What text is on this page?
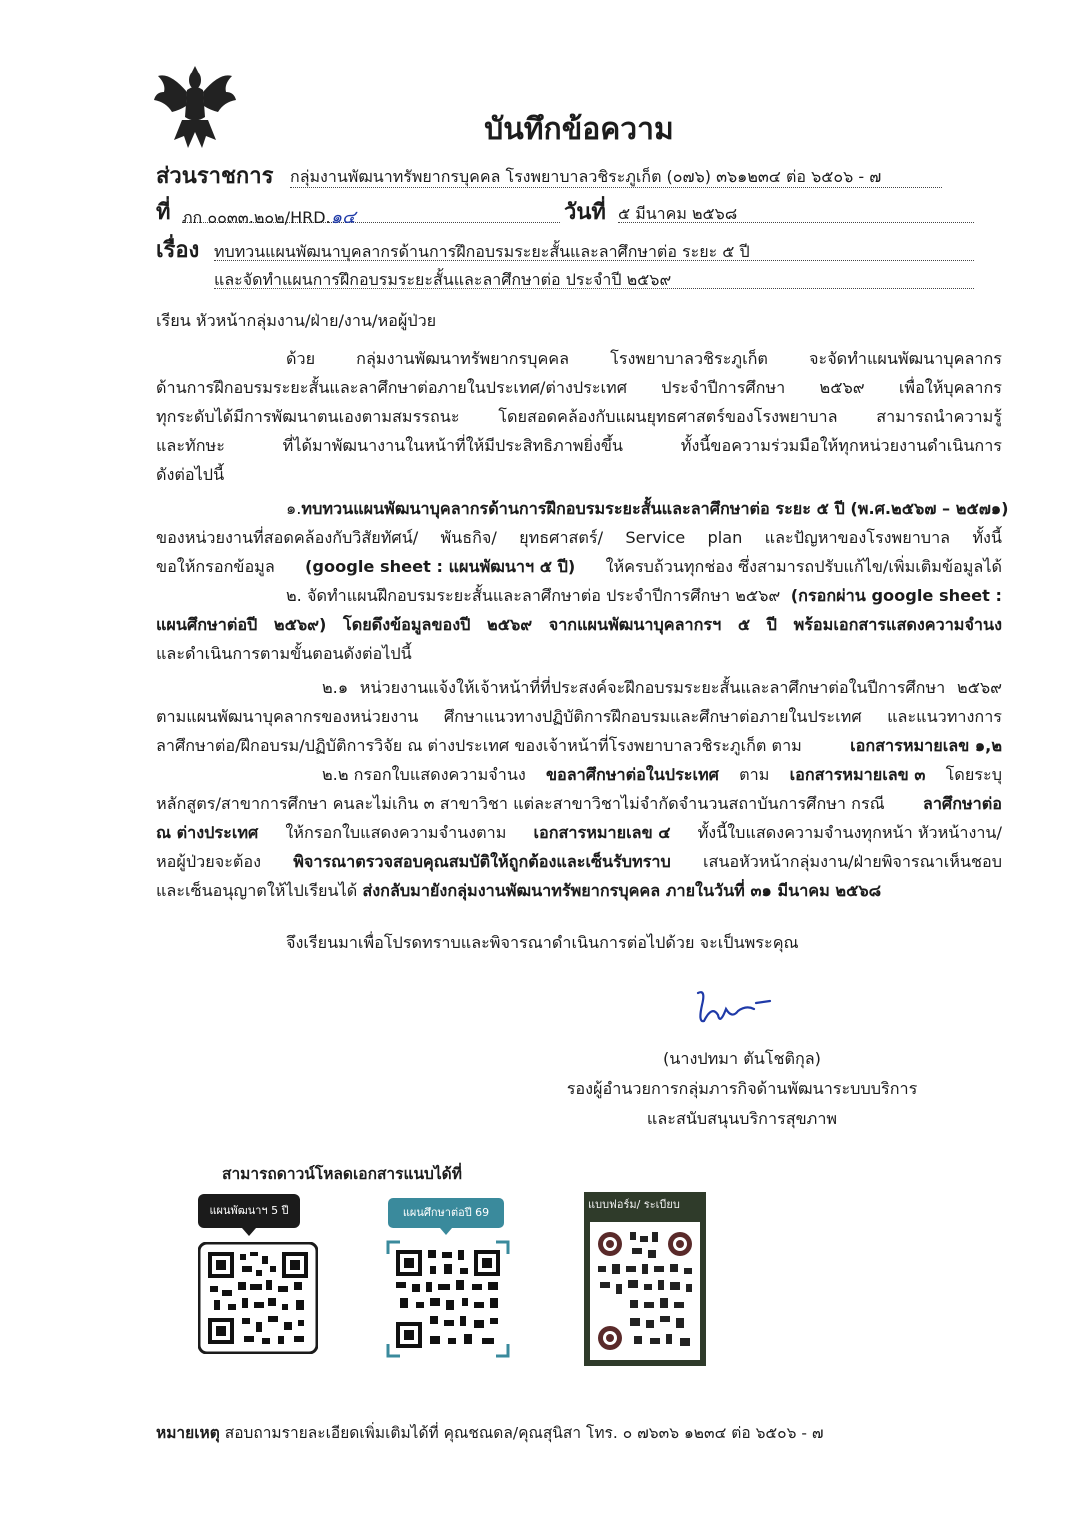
บันทึกข้อความ
ส่วนราชการ กลุ่มงานพัฒนาทรัพยากรบุคคล โรงพยาบาลวชิระภูเก็ต (๐๗๖) ๓๖๑๒๓๔ ต่อ ๖๕๐๖ - ๗
ที่ ภก ๐๐๓๓.๒๐๒/HRD.๑๔	วันที่ ๕ มีนาคม ๒๕๖๘
เรื่อง ทบทวนแผนพัฒนาบุคลากรด้านการฝึกอบรมระยะสั้นและลาศึกษาต่อ ระยะ ๕ ปี
และจัดทำแผนการฝึกอบรมระยะสั้นและลาศึกษาต่อ ประจำปี ๒๕๖๙
เรียน หัวหน้ากลุ่มงาน/ฝ่าย/งาน/หอผู้ป่วย
ด้วย กลุ่มงานพัฒนาทรัพยากรบุคคล โรงพยาบาลวชิระภูเก็ต จะจัดทำแผนพัฒนาบุคลากร
ด้านการฝึกอบรมระยะสั้นและลาศึกษาต่อภายในประเทศ/ต่างประเทศ ประจำปีการศึกษา ๒๕๖๙ เพื่อให้บุคลากร
ทุกระดับได้มีการพัฒนาตนเองตามสมรรถนะ โดยสอดคล้องกับแผนยุทธศาสตร์ของโรงพยาบาล สามารถนำความรู้
และทักษะ ที่ได้มาพัฒนางานในหน้าที่ให้มีประสิทธิภาพยิ่งขึ้น ทั้งนี้ขอความร่วมมือให้ทุกหน่วยงานดำเนินการ
ดังต่อไปนี้
๑. ทบทวนแผนพัฒนาบุคลากรด้านการฝึกอบรมระยะสั้นและลาศึกษาต่อ ระยะ ๕ ปี (พ.ศ.๒๕๖๗ – ๒๕๗๑)
ของหน่วยงานที่สอดคล้องกับวิสัยทัศน์/ พันธกิจ/ ยุทธศาสตร์/ Service plan และปัญหาของโรงพยาบาล ทั้งนี้
ขอให้กรอกข้อมูล (google sheet : แผนพัฒนาฯ ๕ ปี) ให้ครบถ้วนทุกช่อง ซึ่งสามารถปรับแก้ไข/เพิ่มเติมข้อมูลได้
๒. จัดทำแผนฝึกอบรมระยะสั้นและลาศึกษาต่อ ประจำปีการศึกษา ๒๕๖๙ (กรอกผ่าน google sheet :
แผนศึกษาต่อปี ๒๕๖๙) โดยดึงข้อมูลของปี ๒๕๖๙ จากแผนพัฒนาบุคลากรฯ ๕ ปี พร้อมเอกสารแสดงความจำนง
และดำเนินการตามขั้นตอนดังต่อไปนี้
๒.๑ หน่วยงานแจ้งให้เจ้าหน้าที่ที่ประสงค์จะฝึกอบรมระยะสั้นและลาศึกษาต่อในปีการศึกษา ๒๕๖๙
ตามแผนพัฒนาบุคลากรของหน่วยงาน ศึกษาแนวทางปฏิบัติการฝึกอบรมและศึกษาต่อภายในประเทศ และแนวทางการ
ลาศึกษาต่อ/ฝึกอบรม/ปฏิบัติการวิจัย ณ ต่างประเทศ ของเจ้าหน้าที่โรงพยาบาลวชิระภูเก็ต ตาม	เอกสารหมายเลข ๑,๒
๒.๒ กรอกใบแสดงความจำนง ขอลาศึกษาต่อในประเทศ ตาม เอกสารหมายเลข ๓ โดยระบุ
หลักสูตร/สาขาการศึกษา คนละไม่เกิน ๓ สาขาวิชา แต่ละสาขาวิชาไม่จำกัดจำนวนสถาบันการศึกษา กรณี ลาศึกษาต่อ
ณ ต่างประเทศ ให้กรอกใบแสดงความจำนงตาม เอกสารหมายเลข ๔ ทั้งนี้ใบแสดงความจำนงทุกหน้า หัวหน้างาน/
หอผู้ป่วยจะต้อง พิจารณาตรวจสอบคุณสมบัติให้ถูกต้องและเซ็นรับทราบ เสนอหัวหน้ากลุ่มงาน/ฝ่ายพิจารณาเห็นชอบ
และเซ็นอนุญาตให้ไปเรียนได้ ส่งกลับมายังกลุ่มงานพัฒนาทรัพยากรบุคคล ภายในวันที่ ๓๑ มีนาคม ๒๕๖๘
จึงเรียนมาเพื่อโปรดทราบและพิจารณาดำเนินการต่อไปด้วย จะเป็นพระคุณ
(นางปทมา ตันโชติกุล)
รองผู้อำนวยการกลุ่มภารกิจด้านพัฒนาระบบบริการ
และสนับสนุนบริการสุขภาพ
สามารถดาวน์โหลดเอกสารแนบได้ที่
แผนพัฒนาฯ 5 ปี	แผนศึกษาต่อปี 69
แบบฟอร์ม/ ระเบียบ
หมายเหตุ สอบถามรายละเอียดเพิ่มเติมได้ที่ คุณชณดล/คุณสุนิสา โทร. ๐ ๗๖๓๖ ๑๒๓๔ ต่อ ๖๕๐๖ - ๗
